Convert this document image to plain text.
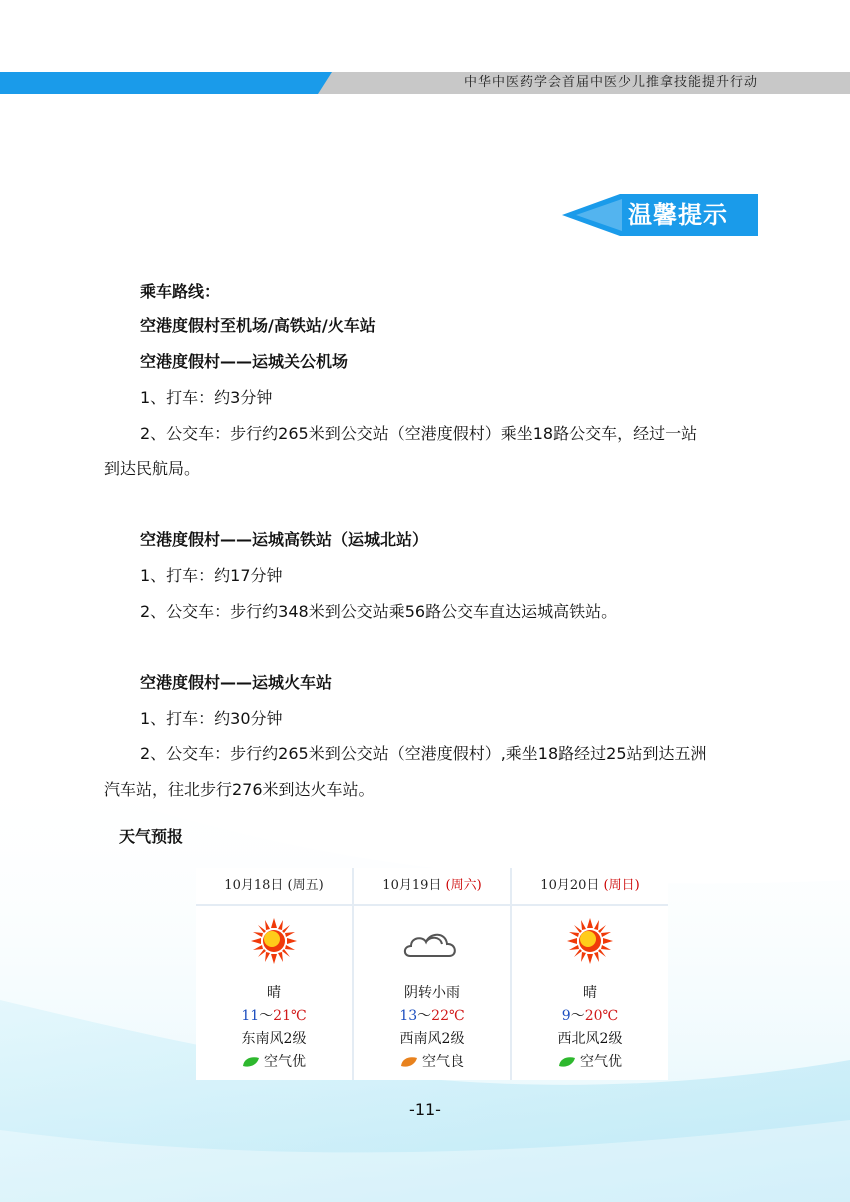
中华中医药学会首届中医少儿推拿技能提升行动
温馨提示
乘车路线：
空港度假村至机场/高铁站/火车站
空港度假村——运城关公机场
1、打车：约3分钟
2、公交车：步行约265米到公交站（空港度假村）乘坐18路公交车，经过一站
到达民航局。
空港度假村——运城高铁站（运城北站）
1、打车：约17分钟
2、公交车：步行约348米到公交站乘56路公交车直达运城高铁站。
空港度假村——运城火车站
1、打车：约30分钟
2、公交车：步行约265米到公交站（空港度假村）,乘坐18路经过25站到达五洲
汽车站，往北步行276米到达火车站。
天气预报
10月18日 (周五)
晴
11～21℃
东南风2级
空气优
10月19日 (周六)
阴转小雨
13～22℃
西南风2级
空气良
10月20日 (周日)
晴
9～20℃
西北风2级
空气优
-11-
